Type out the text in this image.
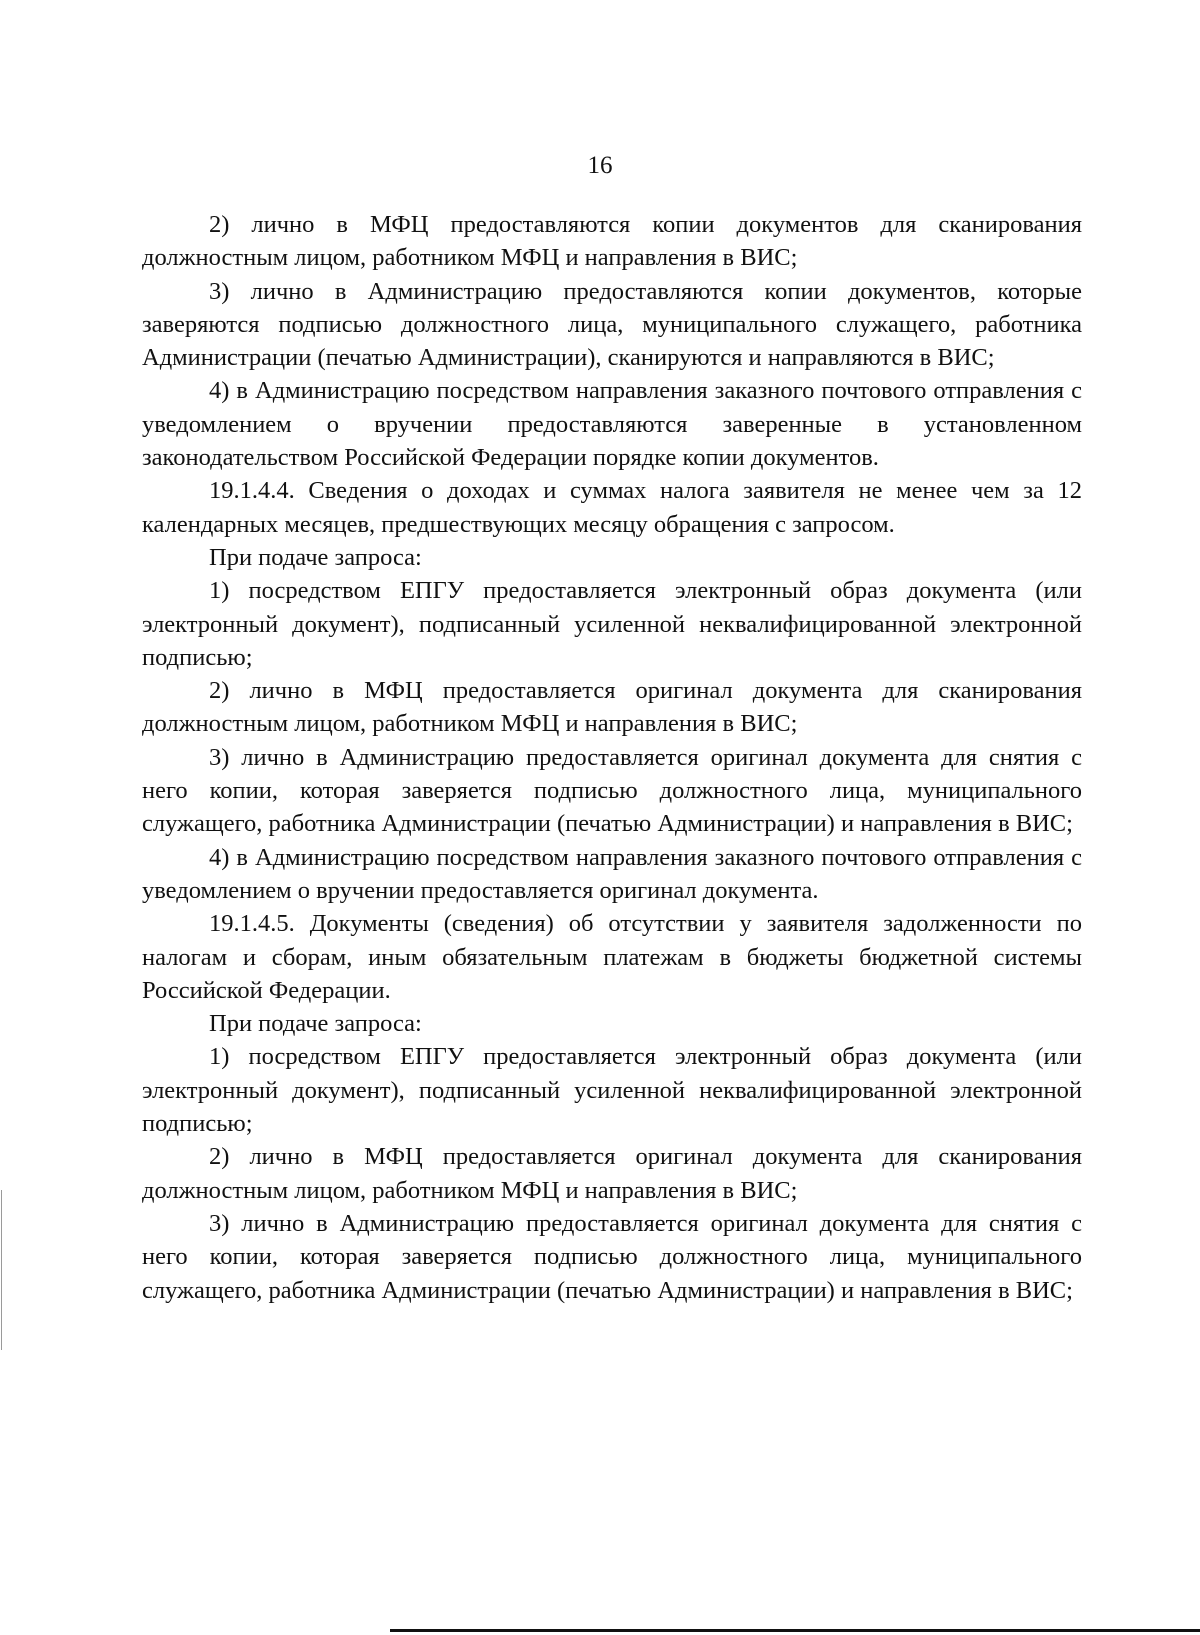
16

2) лично в МФЦ предоставляются копии документов для сканирования должностным лицом, работником МФЦ и направления в ВИС;

3) лично в Администрацию предоставляются копии документов, которые заверяются подписью должностного лица, муниципального служащего, работника Администрации (печатью Администрации), сканируются и направляются в ВИС;

4) в Администрацию посредством направления заказного почтового отправления с уведомлением о вручении предоставляются заверенные в установленном законодательством Российской Федерации порядке копии документов.

19.1.4.4. Сведения о доходах и суммах налога заявителя не менее чем за 12 календарных месяцев, предшествующих месяцу обращения с запросом.

При подаче запроса:

1) посредством ЕПГУ предоставляется электронный образ документа (или электронный документ), подписанный усиленной неквалифицированной электронной подписью;

2) лично в МФЦ предоставляется оригинал документа для сканирования должностным лицом, работником МФЦ и направления в ВИС;

3) лично в Администрацию предоставляется оригинал документа для снятия с него копии, которая заверяется подписью должностного лица, муниципального служащего, работника Администрации (печатью Администрации) и направления в ВИС;

4) в Администрацию посредством направления заказного почтового отправления с уведомлением о вручении предоставляется оригинал документа.

19.1.4.5. Документы (сведения) об отсутствии у заявителя задолженности по налогам и сборам, иным обязательным платежам в бюджеты бюджетной системы Российской Федерации.

При подаче запроса:

1) посредством ЕПГУ предоставляется электронный образ документа (или электронный документ), подписанный усиленной неквалифицированной электронной подписью;

2) лично в МФЦ предоставляется оригинал документа для сканирования должностным лицом, работником МФЦ и направления в ВИС;

3) лично в Администрацию предоставляется оригинал документа для снятия с него копии, которая заверяется подписью должностного лица, муниципального служащего, работника Администрации (печатью Администрации) и направления в ВИС;
